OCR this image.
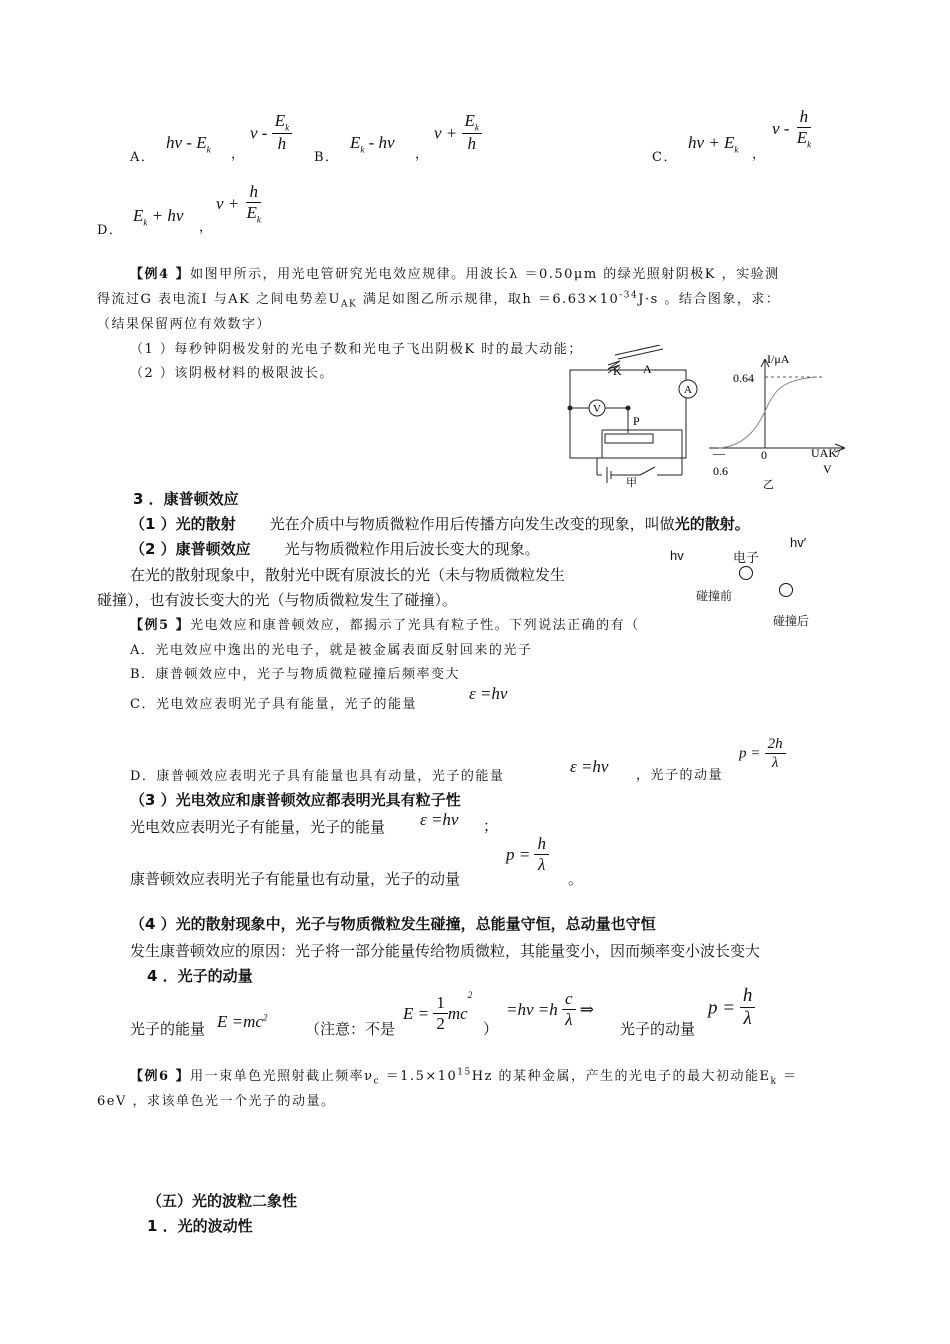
A．
hν - $E_k$ ，
ν - $\frac{E_k}{h}$
B．
$E_k$ - hν
，
$\nu + \frac{E_k}{h}$
C．
$h\nu + E_k$ ，
ν - $\frac{h}{E_k}$
D．
$E_k + h\nu$
，
$\nu + \frac{h}{E_k}$
【例4 】如图甲所示，用光电管研究光电效应规律。用波长λ ＝0.50μm 的绿光照射阴极K ，实验测
得流过G 表电流I 与AK 之间电势差$U_{AK}$ 满足如图乙所示规律，取$h =6.63\times 10^{-34}J\cdot s$ 。结合图象，求：
（结果保留两位有效数字）
（1 ）每秒钟阴极发射的光电子数和光电子飞出阴极K 时的最大动能；
（2 ）该阴极材料的极限波长。	K A
A
V
P
甲
I/μA
0.64
0
—
0.6
UAK/
V
乙
3 ．康普顿效应
（1 ）光的散射 光在介质中与物质微粒作用后传播方向发生改变的现象，叫做光的散射。
（2 ）康普顿效应 光与物质微粒作用后波长变大的现象。
在光的散射现象中，散射光中既有原波长的光（未与物质微粒发生
碰撞），也有波长变大的光（与物质微粒发生了碰撞）。
hv	电子
hv′
碰撞前
碰撞后
【例5 】光电效应和康普顿效应，都揭示了光具有粒子性。下列说法正确的有（
A．光电效应中逸出的光电子，就是被金属表面反射回来的光子
B．康普顿效应中，光子与物质微粒碰撞后频率变大
C．光电效应表明光子具有能量，光子的能量
ε =hν
D．康普顿效应表明光子具有能量也具有动量，光子的能量
ε =hν ，光子的动量
$p = \frac{2h}{\lambda}$
（3 ）光电效应和康普顿效应都表明光具有粒子性
光电效应表明光子有能量，光子的能量 ε =hν ；
康普顿效应表明光子有能量也有动量，光子的动量
$p = \frac{h}{\lambda}$
。
（4 ）光的散射现象中，光子与物质微粒发生碰撞，总能量守恒，总动量也守恒
发生康普顿效应的原因：光子将一部分能量传给物质微粒，其能量变小，因而频率变小波长变大
4 ．光子的动量
光子的能量 $E =mc^2$
（注意：不是
$E = \frac{1}{2} mc^2$
）
$=h\nu =h \frac{c}{\lambda}$ ⇒
光子的动量
$p = \frac{h}{\lambda}$
【例6 】用一束单色光照射截止频率$\nu_c =1.5\times 10^{15}Hz$ 的某种金属，产生的光电子的最大初动能$E_k$ ＝
6eV ，求该单色光一个光子的动量。
（五）光的波粒二象性
1 ．光的波动性
